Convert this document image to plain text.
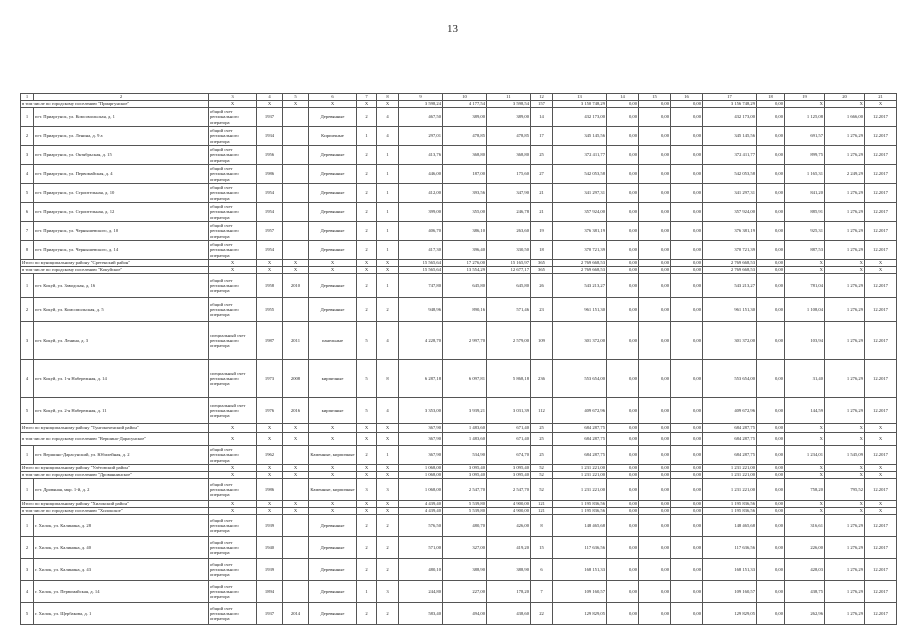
13
1	2	3	4	5	6	7	8	9	10	11	12	13	14	15	16	17	18	19	20	21
в том числе по городскому поселению "Приаргунское"		X	X	X	X	X	X	3 598,24	4 177,54	3 598,54	157	3 150 748,29	0,00	0,00	0,00	3 156 748,29	0,00	X	X	X
1	пгт. Приаргунск, ул. Комсомольская, д. 1	общий счет регионального оператора	1937		Деревянные	2	4	467,50	389,00	389,00	14	432 173,00	0,00	0,00	0,00	432 173,00	0,00	1 125,08	1 666,00	12.2017
2	пгт. Приаргунск, ул. Ленина, д. 9 а	общий счет регионального оператора	1934		Кирпичные	1	4	297,01	478,85	478,85	17	345 145,56	0,00	0,00	0,00	345 145,56	0,00	691,57	1 276,29	12.2017
3	пгт. Приаргунск, ул. Октябрьская, д. 15	общий счет регионального оператора	1956		Деревянные	2	1	413,76	368,80	368,80	25	372 411,77	0,00	0,00	0,00	372 411,77	0,00	899,75	1 276,29	12.2017
4	пгт. Приаргунск, ул. Первомайская, д. 4	общий счет регионального оператора	1986		Деревянные	2	1	446,00	187,00	175,60	27	542 053,58	0,00	0,00	0,00	542 053,58	0,00	1 165,31	2 249,29	12.2017
5	пгт. Приаргунск, ул. Строительная, д. 10	общий счет регионального оператора	1954		Деревянные	2	1	412,00	393,56	347,90	21	341 297,31	0,00	0,00	0,00	341 297,31	0,00	841,20	1 276,29	12.2017
6	пгт. Приаргунск, ул. Строительная, д. 12	общий счет регионального оператора	1954		Деревянные	2	1	399,00	355,00	246,78	21	357 924,00	0,00	0,00	0,00	357 924,00	0,00	885,91	1 276,29	12.2017
7	пгт. Приаргунск, ул. Чернышевского, д. 10	общий счет регионального оператора	1957		Деревянные	2	1	406,70	386,10	263,60	19	376 381,19	0,00	0,00	0,00	376 381,19	0,00	925,31	1 276,29	12.2017
8	пгт. Приаргунск, ул. Чернышевского, д. 14	общий счет регионального оператора	1954		Деревянные	2	1	417,30	396,40	330,50	18	370 721,39	0,00	0,00	0,00	370 721,39	0,00	887,53	1 276,29	12.2017
Итого по муниципальному району "Сретенский район"		X	X	X	X	X	X	15 565,64	17 276,00	15 165,97	365	2 769 668,53	0,00	0,00	0,00	2 769 668,53	0,00	X	X	X
в том числе по городскому поселению "Кокуйское"		X	X	X	X	X	X	15 565,64	13 554,29	12 677,17	365	2 769 668,53	0,00	0,00	0,00	2 769 668,53	0,00	X	X	X
1	пгт. Кокуй, ул. Заводская, д. 16	общий счет регионального оператора	1958	2010	Деревянные	2	1	747,80	645,80	645,80	26	543 213,27	0,00	0,00	0,00	543 213,27	0,00	781,04	1 276,29	12.2017
2	пгт. Кокуй, ул. Комсомольская, д. 5	общий счет регионального оператора	1955		Деревянные	2	2	948,96	890,16	571,46	23	961 151,30	0,00	0,00	0,00	961 151,30	0,00	1 108,04	1 276,29	12.2017
3	пгт. Кокуй, ул. Ленина, д. 3	специальный счет регионального оператора	1987	2011	панельные	5	4	4 228,70	2 997,70	2 579,00	109	301 372,00	0,00	0,00	0,00	301 372,00	0,00	103,94	1 276,29	12.2017
4	пгт. Кокуй, ул. 1-я Набережная, д. 14	специальный счет регионального оператора	1973	2008	кирпичные	5	8	6 287,18	6 097,81	5 868,18	236	553 654,00	0,00	0,00	0,00	553 654,00	0,00	31,40	1 276,29	12.2017
5	пгт. Кокуй, ул. 2-я Набережная, д. 11	специальный счет регионального оператора	1976	2016	кирпичные	5	4	3 353,00	3 939,21	3 031,39	112	409 672,96	0,00	0,00	0,00	409 672,96	0,00	144,59	1 276,29	12.2017
Итого по муниципальному району "Тунгокоченский район"		X	X	X	X	X	X	367,90	1 483,60	671,40	25	684 287,75	0,00	0,00	0,00	684 287,75	0,00	X	X	X
в том числе по городскому поселению "Вершино-Дарасунское"		X	X	X	X	X	X	367,90	1 483,60	671,40	25	684 287,75	0,00	0,00	0,00	684 287,75	0,00	X	X	X
1	пгт. Вершино-Дарасунский, ул. Юбилейная, д. 2	общий счет регионального оператора	1962		Каменные, кирпичные	2	1	367,90	534,90	674,70	25	684 287,75	0,00	0,00	0,00	684 287,75	0,00	1 234,01	1 545,09	12.2017
Итого по муниципальному району "Улётовский район"		X	X	X	X	X	X	1 068,00	3 095,40	3 095,40	52	1 231 221,00	0,00	0,00	0,00	1 231 221,00	0,00	X	X	X
в том числе по городскому поселению "Дровяннинское"		X	X	X	X	X	X	1 068,00	3 095,40	3 095,40	52	1 231 221,00	0,00	0,00	0,00	1 231 221,00	0,00	X	X	X
1	пгт. Дровяная, мкр. 1-й, д. 2	общий счет регионального оператора	1986		Каменные, кирпичные	3	3	1 068,00	2 547,70	2 547,70	52	1 231 221,00	0,00	0,00	0,00	1 231 221,00	0,00	758,20	795,52	12.2017
Итого по муниципальному району "Хилокский район"		X	X	X	X	X	X	4 439,40	5 539,80	4 900,00	121	1 195 836,56	0,00	0,00	0,00	1 195 836,56	0,00	X	X	X
в том числе по городскому поселению "Хилокское"		X	X	X	X	X	X	4 439,40	5 539,80	4 900,00	121	1 195 836,56	0,00	0,00	0,00	1 195 836,56	0,00	X	X	X
1	г. Хилок, ул. Калинина, д. 28	общий счет регионального оператора	1939		Деревянные	2	2	576,50	480,70	426,00	8	148 465,68	0,00	0,00	0,00	148 465,68	0,00	316,61	1 276,29	12.2017
2	г. Хилок, ул. Калинина, д. 40	общий счет регионального оператора	1940		Деревянные	2	2	571,00	327,00	419,20	15	117 636,56	0,00	0,00	0,00	117 636,56	0,00	226,00	1 276,29	12.2017
3	г. Хилок, ул. Калинина, д. 43	общий счет регионального оператора	1939		Деревянные	2	2	480,10	388,90	388,90	6	168 151,33	0,00	0,00	0,00	168 151,33	0,00	428,03	1 276,29	12.2017
4	г. Хилок, ул. Первомайская, д. 14	общий счет регионального оператора	1894		Деревянные	1	3	244,80	227,00	178,20	7	109 160,57	0,00	0,00	0,00	109 160,57	0,00	438,75	1 276,29	12.2017
5	г. Хилок, ул. Щербакова, д. 1	общий счет регионального оператора	1937	2014	Деревянные	2	2	583,40	494,00	438,60	22	129 829,05	0,00	0,00	0,00	129 829,05	0,00	262,96	1 276,29	12.2017
